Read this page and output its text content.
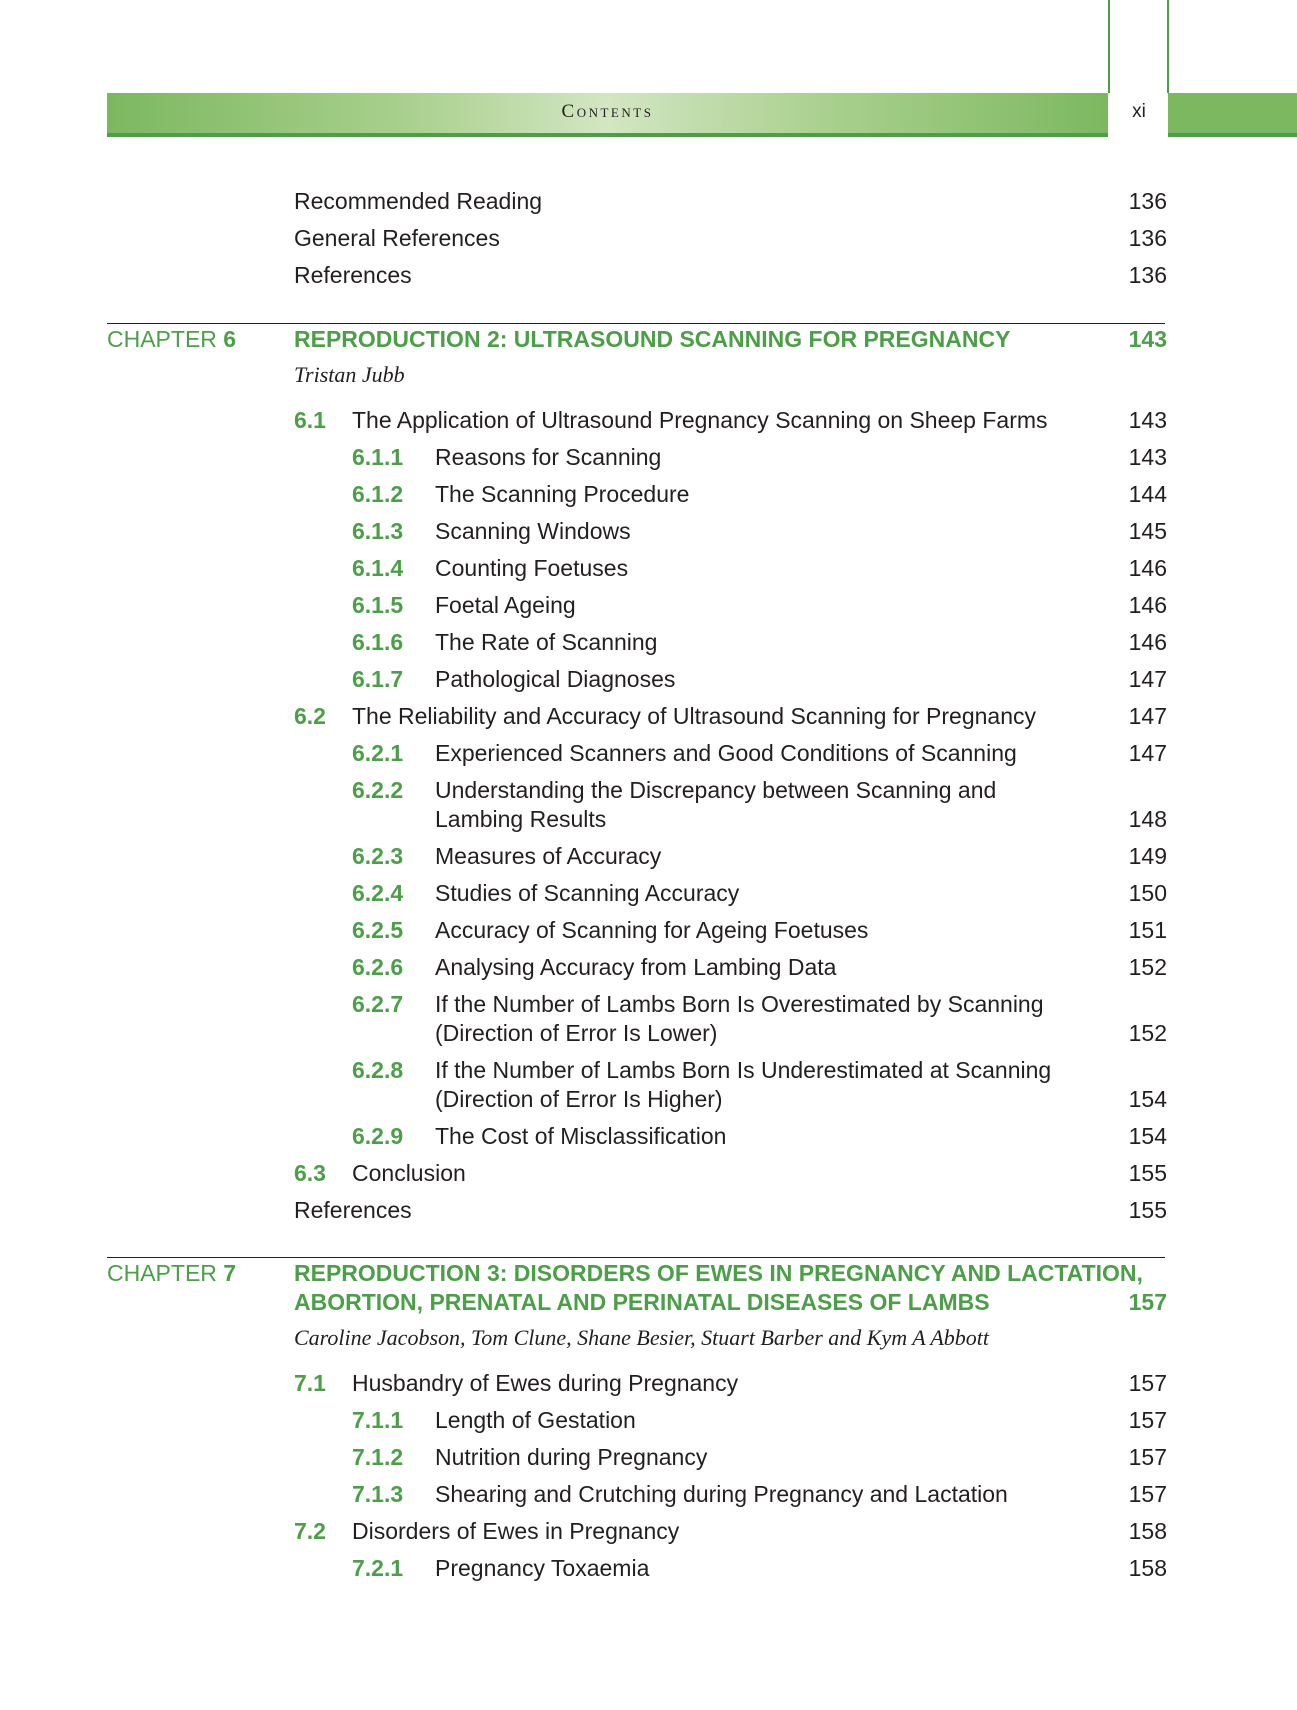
Contents	xi
Recommended Reading	136
General References	136
References	136
CHAPTER 6	REPRODUCTION 2: ULTRASOUND SCANNING FOR PREGNANCY	143
Tristan Jubb
6.1 The Application of Ultrasound Pregnancy Scanning on Sheep Farms	143
6.1.1 Reasons for Scanning	143
6.1.2 The Scanning Procedure	144
6.1.3 Scanning Windows	145
6.1.4 Counting Foetuses	146
6.1.5 Foetal Ageing	146
6.1.6 The Rate of Scanning	146
6.1.7 Pathological Diagnoses	147
6.2 The Reliability and Accuracy of Ultrasound Scanning for Pregnancy	147
6.2.1 Experienced Scanners and Good Conditions of Scanning	147
6.2.2 Understanding the Discrepancy between Scanning and
Lambing Results	148
6.2.3 Measures of Accuracy	149
6.2.4 Studies of Scanning Accuracy	150
6.2.5 Accuracy of Scanning for Ageing Foetuses	151
6.2.6 Analysing Accuracy from Lambing Data	152
6.2.7 If the Number of Lambs Born Is Overestimated by Scanning
(Direction of Error Is Lower)	152
6.2.8 If the Number of Lambs Born Is Underestimated at Scanning
(Direction of Error Is Higher)	154
6.2.9 The Cost of Misclassification	154
6.3 Conclusion	155
References	155
CHAPTER 7	REPRODUCTION 3: DISORDERS OF EWES IN PREGNANCY AND LACTATION,
ABORTION, PRENATAL AND PERINATAL DISEASES OF LAMBS	157
Caroline Jacobson, Tom Clune, Shane Besier, Stuart Barber and Kym A Abbott
7.1 Husbandry of Ewes during Pregnancy	157
7.1.1 Length of Gestation	157
7.1.2 Nutrition during Pregnancy	157
7.1.3 Shearing and Crutching during Pregnancy and Lactation	157
7.2 Disorders of Ewes in Pregnancy	158
7.2.1 Pregnancy Toxaemia	158
